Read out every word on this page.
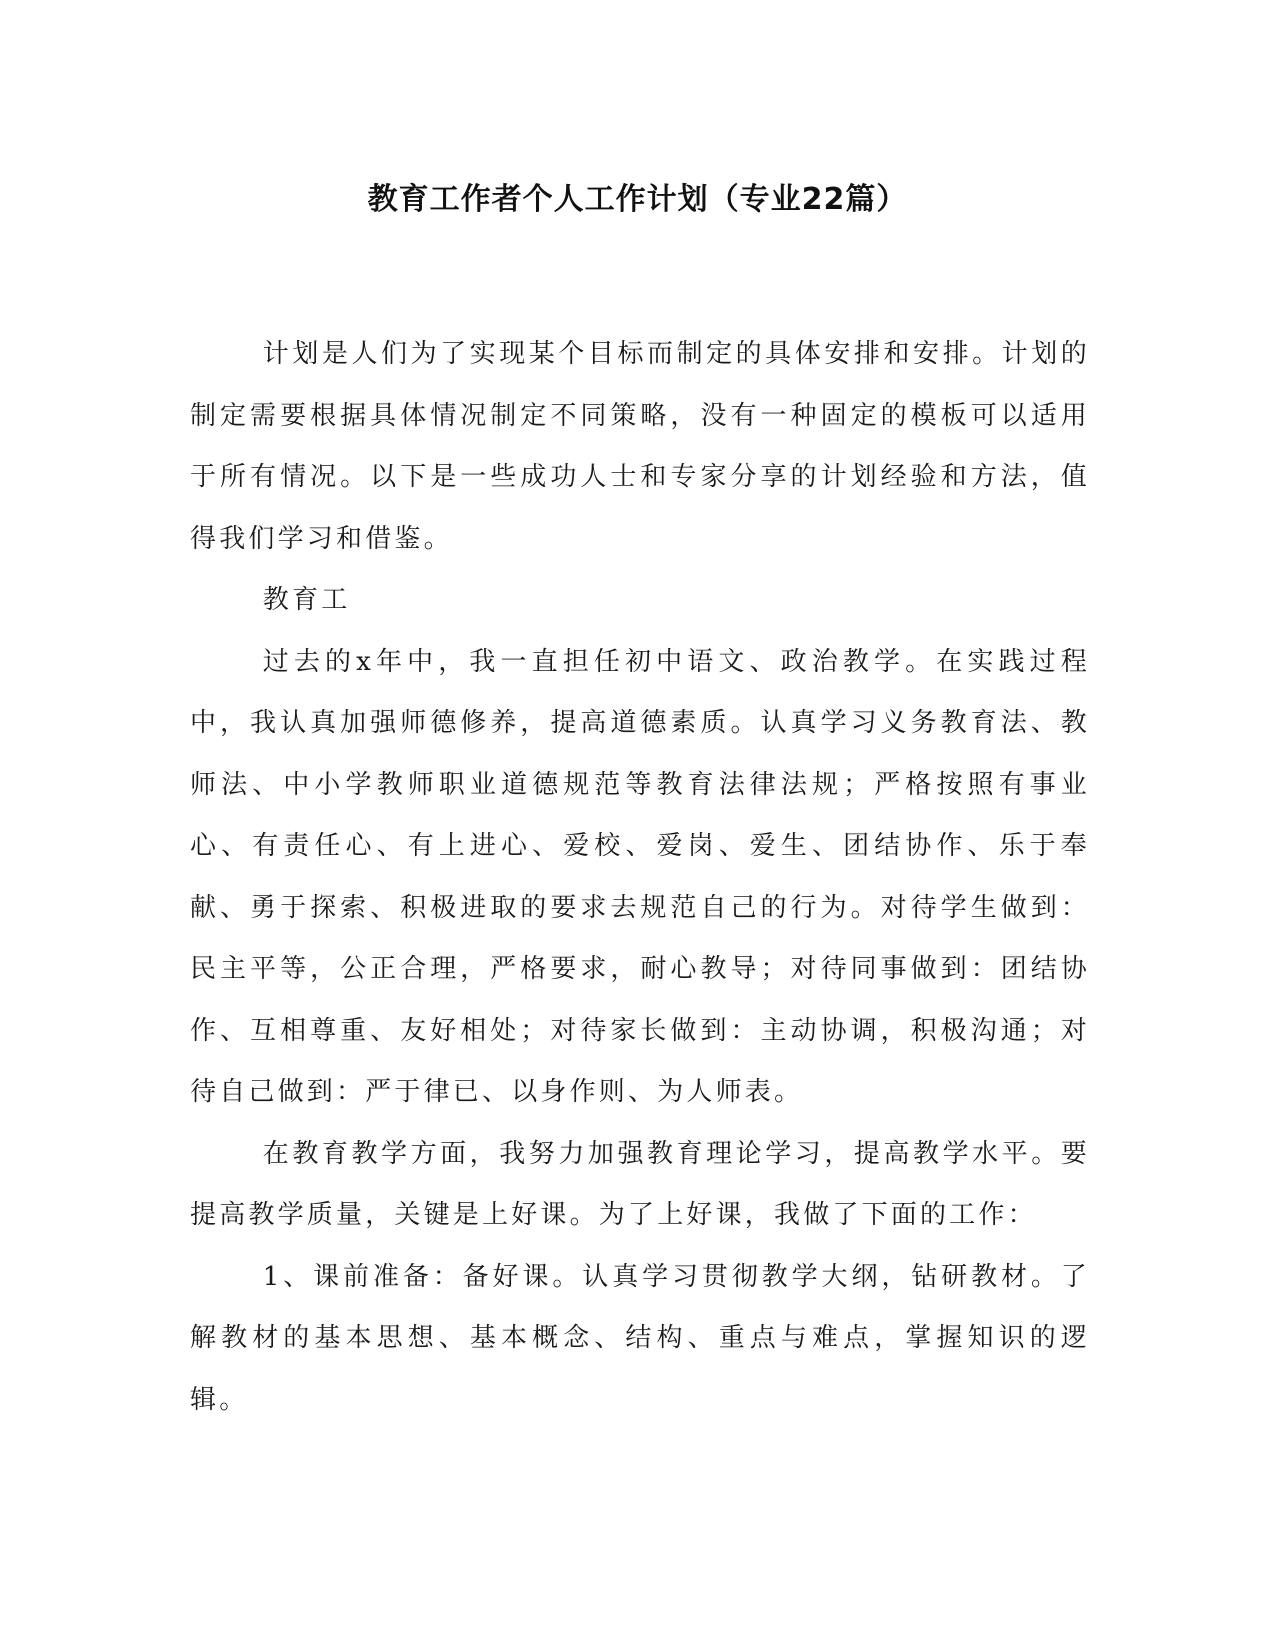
教育工作者个人工作计划（专业22篇）

计划是人们为了实现某个目标而制定的具体安排和安排。计划的制定需要根据具体情况制定不同策略，没有一种固定的模板可以适用于所有情况。以下是一些成功人士和专家分享的计划经验和方法，值得我们学习和借鉴。

教育工

过去的x年中，我一直担任初中语文、政治教学。在实践过程中，我认真加强师德修养，提高道德素质。认真学习义务教育法、教师法、中小学教师职业道德规范等教育法律法规；严格按照有事业心、有责任心、有上进心、爱校、爱岗、爱生、团结协作、乐于奉献、勇于探索、积极进取的要求去规范自己的行为。对待学生做到：民主平等，公正合理，严格要求，耐心教导；对待同事做到：团结协作、互相尊重、友好相处；对待家长做到：主动协调，积极沟通；对待自己做到：严于律已、以身作则、为人师表。

在教育教学方面，我努力加强教育理论学习，提高教学水平。要提高教学质量，关键是上好课。为了上好课，我做了下面的工作：

1、课前准备：备好课。认真学习贯彻教学大纲，钻研教材。了解教材的基本思想、基本概念、结构、重点与难点，掌握知识的逻辑。
